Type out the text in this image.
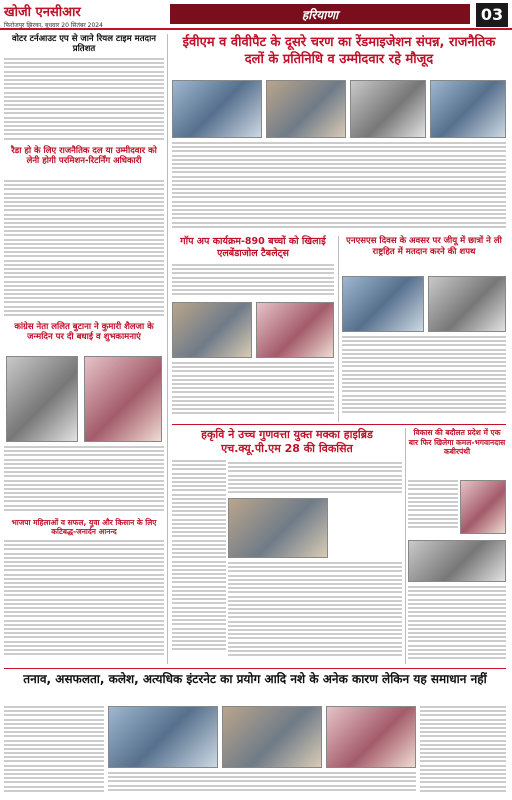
खोजी एनसीआर
फिरोजपुर झिरका, बुधवार 20 सितंबर 2024
हरियाणा	03
वोटर टर्नआउट एप से जाने रियल टाइम मतदान प्रतिशत
रैडा हो के लिए राजनैतिक दल या उम्मीदवार को लेनी होगी परमिशन-रिटर्निंग अधिकारी
कांग्रेस नेता ललित बुटाना ने कुमारी शैलजा के जन्मदिन पर दी बधाई व शुभकामनाएं
भाजपा महिलाओं व सफल, युवा और किसान के लिए कटिबद्ध-जनार्दन आनन्द
ईवीएम व वीवीपैट के दूसरे चरण का रेंडमाइजेशन संपन्न, राजनैतिक दलों के प्रतिनिधि व उम्मीदवार रहे मौजूद
गॉप अप कार्यक्रम-890 बच्चों को खिलाई एलबेंडाजोल टैबलेट्स
एनएसएस दिवस के अवसर पर जीयू में छात्रों ने ली राष्ट्रहित में मतदान करने की शपथ
हकृवि ने उच्च गुणवत्ता युक्त मक्का हाइब्रिड एच.क्यू.पी.एम 28 की विकसित
विकास की बदौलत प्रदेश में एक बार फिर खिलेगा कमल-भगवानदास कबीरपंथी
तनाव, असफलता, कलेश, अत्यधिक इंटरनेट का प्रयोग आदि नशे के अनेक कारण लेकिन यह समाधान नहीं
